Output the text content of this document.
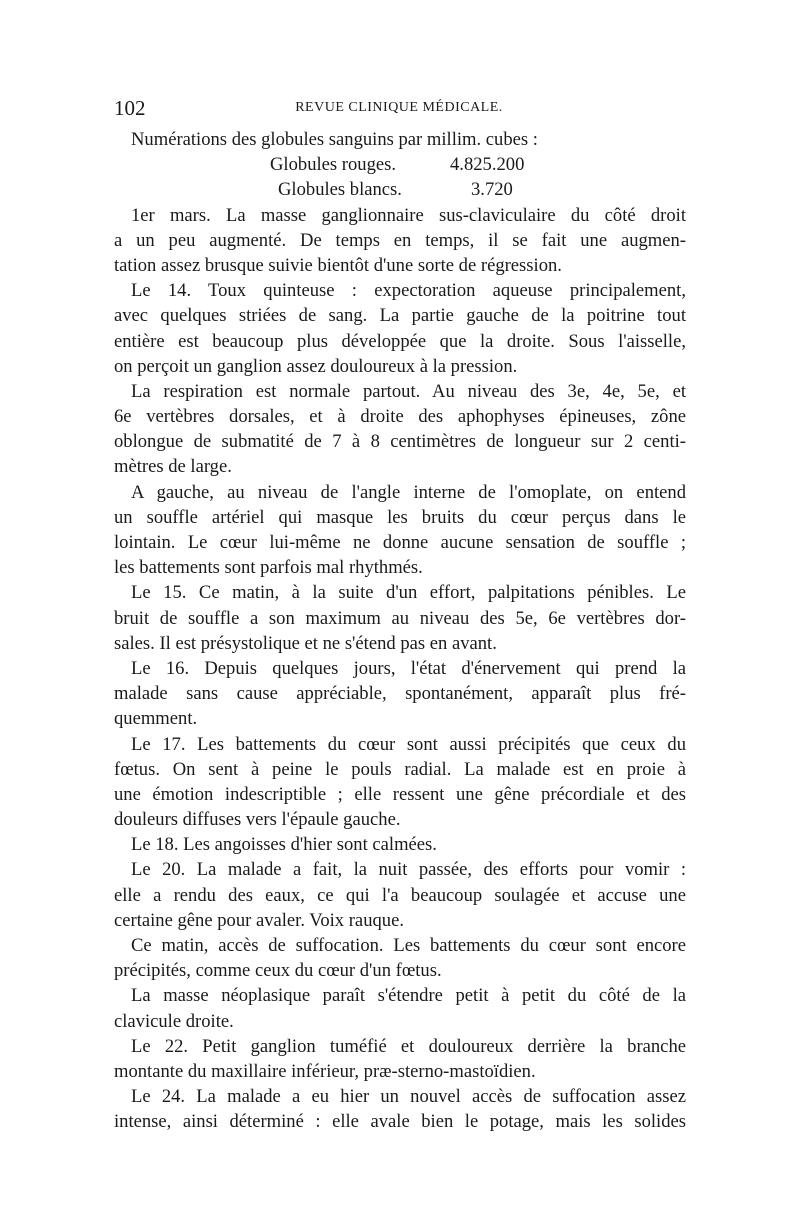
102	REVUE CLINIQUE MÉDICALE.
Numérations des globules sanguins par millim. cubes :
Globules rouges.	4.825.200
Globules blancs.	3.720
1er mars. La masse ganglionnaire sus-claviculaire du côté droit
a un peu augmenté. De temps en temps, il se fait une augmen-
tation assez brusque suivie bientôt d'une sorte de régression.
Le 14. Toux quinteuse : expectoration aqueuse principalement,
avec quelques striées de sang. La partie gauche de la poitrine tout
entière est beaucoup plus développée que la droite. Sous l'aisselle,
on perçoit un ganglion assez douloureux à la pression.
La respiration est normale partout. Au niveau des 3e, 4e, 5e, et
6e vertèbres dorsales, et à droite des aphophyses épineuses, zône
oblongue de submatité de 7 à 8 centimètres de longueur sur 2 centi-
mètres de large.
A gauche, au niveau de l'angle interne de l'omoplate, on entend
un souffle artériel qui masque les bruits du cœur perçus dans le
lointain. Le cœur lui-même ne donne aucune sensation de souffle ;
les battements sont parfois mal rhythmés.
Le 15. Ce matin, à la suite d'un effort, palpitations pénibles. Le
bruit de souffle a son maximum au niveau des 5e, 6e vertèbres dor-
sales. Il est présystolique et ne s'étend pas en avant.
Le 16. Depuis quelques jours, l'état d'énervement qui prend la
malade sans cause appréciable, spontanément, apparaît plus fré-
quemment.
Le 17. Les battements du cœur sont aussi précipités que ceux du
fœtus. On sent à peine le pouls radial. La malade est en proie à
une émotion indescriptible ; elle ressent une gêne précordiale et des
douleurs diffuses vers l'épaule gauche.
Le 18. Les angoisses d'hier sont calmées.
Le 20. La malade a fait, la nuit passée, des efforts pour vomir :
elle a rendu des eaux, ce qui l'a beaucoup soulagée et accuse une
certaine gêne pour avaler. Voix rauque.
Ce matin, accès de suffocation. Les battements du cœur sont encore
précipités, comme ceux du cœur d'un fœtus.
La masse néoplasique paraît s'étendre petit à petit du côté de la
clavicule droite.
Le 22. Petit ganglion tuméfié et douloureux derrière la branche
montante du maxillaire inférieur, præ-sterno-mastoïdien.
Le 24. La malade a eu hier un nouvel accès de suffocation assez
intense, ainsi déterminé : elle avale bien le potage, mais les solides
